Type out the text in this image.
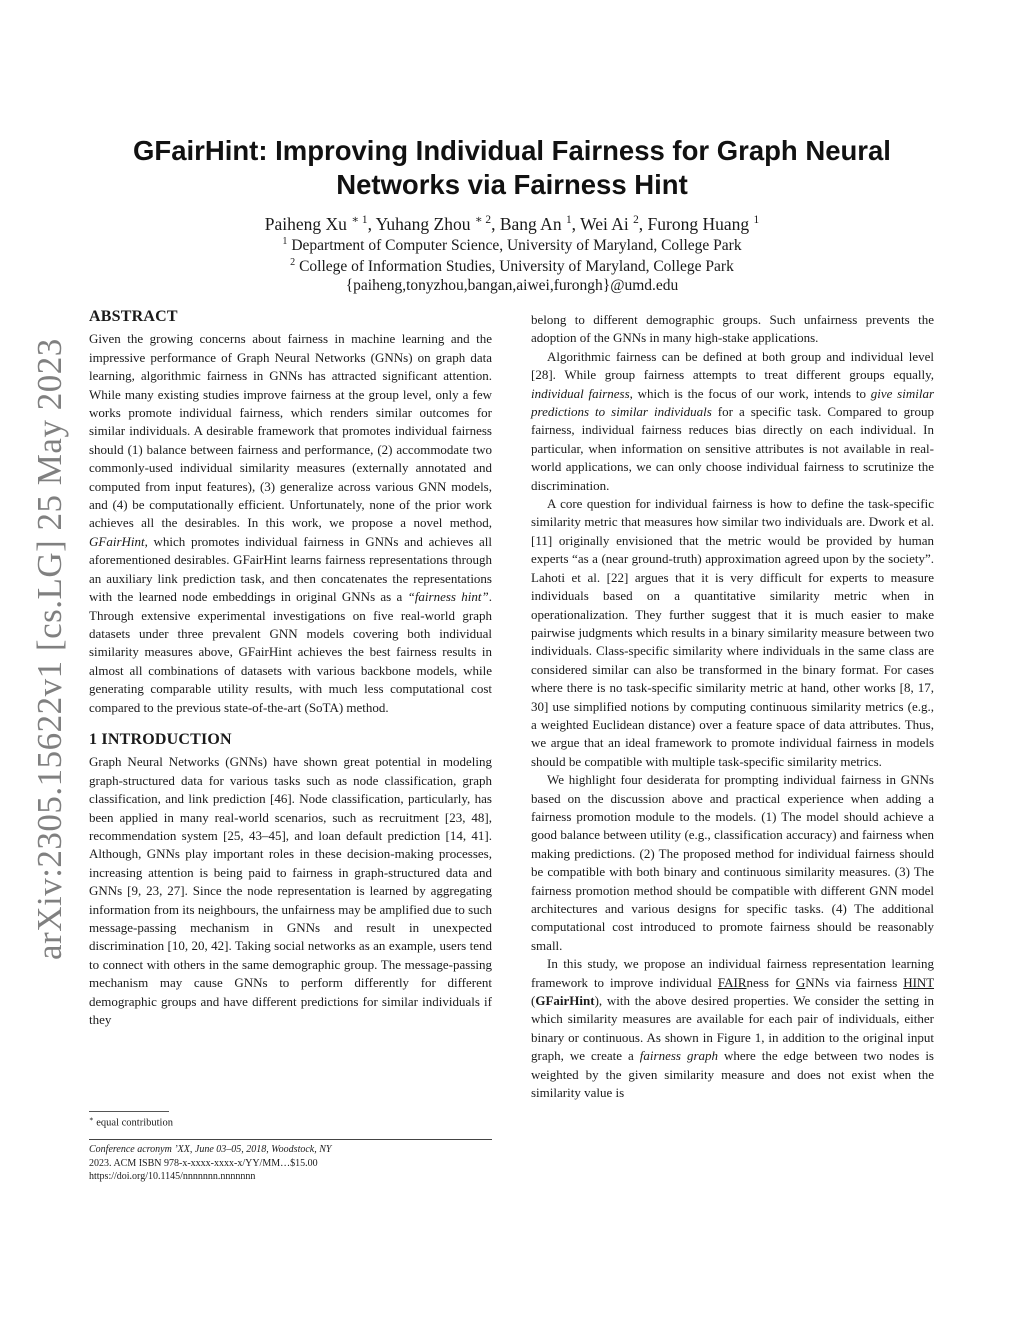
arXiv:2305.15622v1 [cs.LG] 25 May 2023
GFairHint: Improving Individual Fairness for Graph Neural
Networks via Fairness Hint
Paiheng Xu $^{∗ 1}$, Yuhang Zhou $^{∗ 2}$, Bang An $^1$, Wei Ai $^2$, Furong Huang $^1$
$^1$ Department of Computer Science, University of Maryland, College Park
$^2$ College of Information Studies, University of Maryland, College Park
{paiheng,tonyzhou,bangan,aiwei,furongh}@umd.edu
ABSTRACT

Given the growing concerns about fairness in machine learning and the impressive performance of Graph Neural Networks (GNNs) on graph data learning, algorithmic fairness in GNNs has attracted significant attention. While many existing studies improve fairness at the group level, only a few works promote individual fairness, which renders similar outcomes for similar individuals. A desirable framework that promotes individual fairness should (1) balance between fairness and performance, (2) accommodate two commonly-used individual similarity measures (externally annotated and computed from input features), (3) generalize across various GNN models, and (4) be computationally efficient. Unfortunately, none of the prior work achieves all the desirables. In this work, we propose a novel method, GFairHint, which promotes individual fairness in GNNs and achieves all aforementioned desirables. GFairHint learns fairness representations through an auxiliary link prediction task, and then concatenates the representations with the learned node embeddings in original GNNs as a “fairness hint”. Through extensive experimental investigations on five real-world graph datasets under three prevalent GNN models covering both individual similarity measures above, GFairHint achieves the best fairness results in almost all combinations of datasets with various backbone models, while generating comparable utility results, with much less computational cost compared to the previous state-of-the-art (SoTA) method.

1 INTRODUCTION

Graph Neural Networks (GNNs) have shown great potential in modeling graph-structured data for various tasks such as node classification, graph classification, and link prediction [46]. Node classification, particularly, has been applied in many real-world scenarios, such as recruitment [23, 48], recommendation system [25, 43–45], and loan default prediction [14, 41]. Although, GNNs play important roles in these decision-making processes, increasing attention is being paid to fairness in graph-structured data and GNNs [9, 23, 27]. Since the node representation is learned by aggregating information from its neighbours, the unfairness may be amplified due to such message-passing mechanism in GNNs and result in unexpected discrimination [10, 20, 42]. Taking social networks as an example, users tend to connect with others in the same demographic group. The message-passing mechanism may cause GNNs to perform differently for different demographic groups and have different predictions for similar individuals if they

belong to different demographic groups. Such unfairness prevents the adoption of the GNNs in many high-stake applications.

Algorithmic fairness can be defined at both group and individual level [28]. While group fairness attempts to treat different groups equally, individual fairness, which is the focus of our work, intends to give similar predictions to similar individuals for a specific task. Compared to group fairness, individual fairness reduces bias directly on each individual. In particular, when information on sensitive attributes is not available in real-world applications, we can only choose individual fairness to scrutinize the discrimination.

A core question for individual fairness is how to define the task-specific similarity metric that measures how similar two individuals are. Dwork et al. [11] originally envisioned that the metric would be provided by human experts “as a (near ground-truth) approximation agreed upon by the society”. Lahoti et al. [22] argues that it is very difficult for experts to measure individuals based on a quantitative similarity metric when in operationalization. They further suggest that it is much easier to make pairwise judgments which results in a binary similarity measure between two individuals. Class-specific similarity where individuals in the same class are considered similar can also be transformed in the binary format. For cases where there is no task-specific similarity metric at hand, other works [8, 17, 30] use simplified notions by computing continuous similarity metrics (e.g., a weighted Euclidean distance) over a feature space of data attributes. Thus, we argue that an ideal framework to promote individual fairness in models should be compatible with multiple task-specific similarity metrics.

We highlight four desiderata for prompting individual fairness in GNNs based on the discussion above and practical experience when adding a fairness promotion module to the models. (1) The model should achieve a good balance between utility (e.g., classification accuracy) and fairness when making predictions. (2) The proposed method for individual fairness should be compatible with both binary and continuous similarity measures. (3) The fairness promotion method should be compatible with different GNN model architectures and various designs for specific tasks. (4) The additional computational cost introduced to promote fairness should be reasonably small.

In this study, we propose an individual fairness representation learning framework to improve individual FAIRness for GNNs via fairness HINT (GFairHint), with the above desired properties. We consider the setting in which similarity measures are available for each pair of individuals, either binary or continuous. As shown in Figure 1, in addition to the original input graph, we create a fairness graph where the edge between two nodes is weighted by the given similarity measure and does not exist when the similarity value is

∗ equal contribution
Conference acronym ’XX, June 03–05, 2018, Woodstock, NY
2023. ACM ISBN 978-x-xxxx-xxxx-x/YY/MM…$15.00
https://doi.org/10.1145/nnnnnnn.nnnnnnn
